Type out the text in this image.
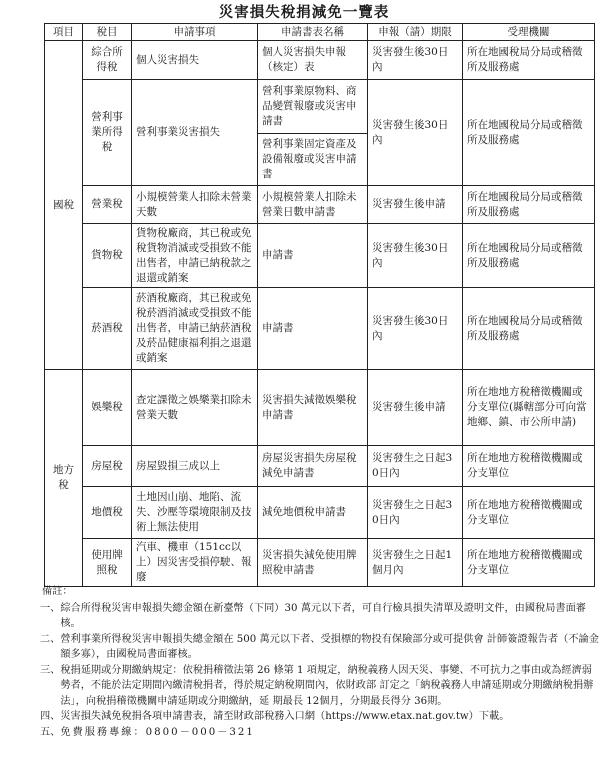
災害損失稅捐減免一覽表
項目	稅目	申請事項	申請書表名稱	申報（請）期限	受理機關
國稅	綜合所得稅	個人災害損失	個人災害損失申報（核定）表	災害發生後30日內	所在地國稅局分局或稽徵所及服務處
	營利事業所得稅	營利事業災害損失	營利事業原物料、商品變質報廢或災害申請書	災害發生後30日內	所在地國稅局分局或稽徵所及服務處
			營利事業固定資產及設備報廢或災害申請書		
	營業稅	小規模營業人扣除未營業天數	小規模營業人扣除未營業日數申請書	災害發生後申請	所在地國稅局分局或稽徵所及服務處
	貨物稅	貨物稅廠商，其已稅或免稅貨物消滅或受損致不能出售者，申請已納稅款之退還或銷案	申請書	災害發生後30日內	所在地國稅局分局或稽徵所及服務處
	菸酒稅	菸酒稅廠商，其已稅或免稅菸酒消滅或受損致不能出售者，申請已納菸酒稅及菸品健康福利捐之退還或銷案	申請書	災害發生後30日內	所在地國稅局分局或稽徵所及服務處
地方稅	娛樂稅	查定課徵之娛樂業扣除未營業天數	災害損失減徵娛樂稅申請書	災害發生後申請	所在地地方稅稽徵機關或分支單位(縣轄部分可向當地鄉、鎮、市公所申請)
	房屋稅	房屋毀損三成以上	房屋災害損失房屋稅減免申請書	災害發生之日起30日內	所在地地方稅稽徵機關或分支單位
	地價稅	土地因山崩、地陷、流失、沙壓等環境限制及技術上無法使用	減免地價稅申請書	災害發生之日起30日內	所在地地方稅稽徵機關或分支單位
	使用牌照稅	汽車、機車（151cc以上）因災害受損停駛、報廢	災害損失減免使用牌照稅申請書	災害發生之日起1個月內	所在地地方稅稽徵機關或分支單位
備註：
一、 綜合所得稅災害申報損失總金額在新臺幣（下同）30 萬元以下者，可自行檢具損失清單及證明文件，由國稅局書面審核。
二、 營利事業所得稅災害申報損失總金額在 500 萬元以下者、受損標的物投有保險部分或可提供會 計師簽證報告者（不論金額多寡），由國稅局書面審核。
三、 稅捐延期或分期繳納規定：依稅捐稽徵法第 26 條第 1 項規定，納稅義務人因天災、事變、不可抗力之事由或為經濟弱勢者，不能於法定期間內繳清稅捐者，得於規定納稅期間內，依財政部 訂定之「納稅義務人申請延期或分期繳納稅捐辦法」，向稅捐稽徵機關申請延期或分期繳納，延 期最長 12個月，分期最長得分 36期。
四、 災害損失減免稅捐各項申請書表，請至財政部稅務入口網（https://www.etax.nat.gov.tw）下載。
五、 免費服務專線：0800－000－321
